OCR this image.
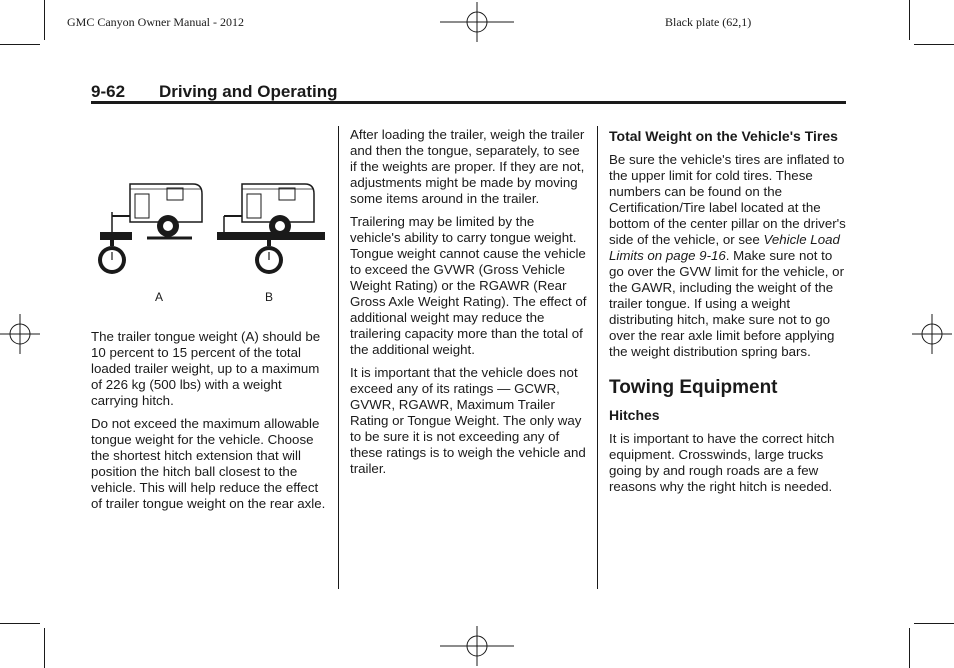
GMC Canyon Owner Manual - 2012	Black plate (62,1)
9-62 Driving and Operating
A	B

The trailer tongue weight (A) should be 10 percent to 15 percent of the total loaded trailer weight, up to a maximum of 226 kg (500 lbs) with a weight carrying hitch.

Do not exceed the maximum allowable tongue weight for the vehicle. Choose the shortest hitch extension that will position the hitch ball closest to the vehicle. This will help reduce the effect of trailer tongue weight on the rear axle.

After loading the trailer, weigh the trailer and then the tongue, separately, to see if the weights are proper. If they are not, adjustments might be made by moving some items around in the trailer.

Trailering may be limited by the vehicle's ability to carry tongue weight. Tongue weight cannot cause the vehicle to exceed the GVWR (Gross Vehicle Weight Rating) or the RGAWR (Rear Gross Axle Weight Rating). The effect of additional weight may reduce the trailering capacity more than the total of the additional weight.

It is important that the vehicle does not exceed any of its ratings — GCWR, GVWR, RGAWR, Maximum Trailer Rating or Tongue Weight. The only way to be sure it is not exceeding any of these ratings is to weigh the vehicle and trailer.

Total Weight on the Vehicle's Tires

Be sure the vehicle's tires are inflated to the upper limit for cold tires. These numbers can be found on the Certification/Tire label located at the bottom of the center pillar on the driver's side of the vehicle, or see Vehicle Load Limits on page 9-16. Make sure not to go over the GVW limit for the vehicle, or the GAWR, including the weight of the trailer tongue. If using a weight distributing hitch, make sure not to go over the rear axle limit before applying the weight distribution spring bars.

Towing Equipment
Hitches

It is important to have the correct hitch equipment. Crosswinds, large trucks going by and rough roads are a few reasons why the right hitch is needed.
